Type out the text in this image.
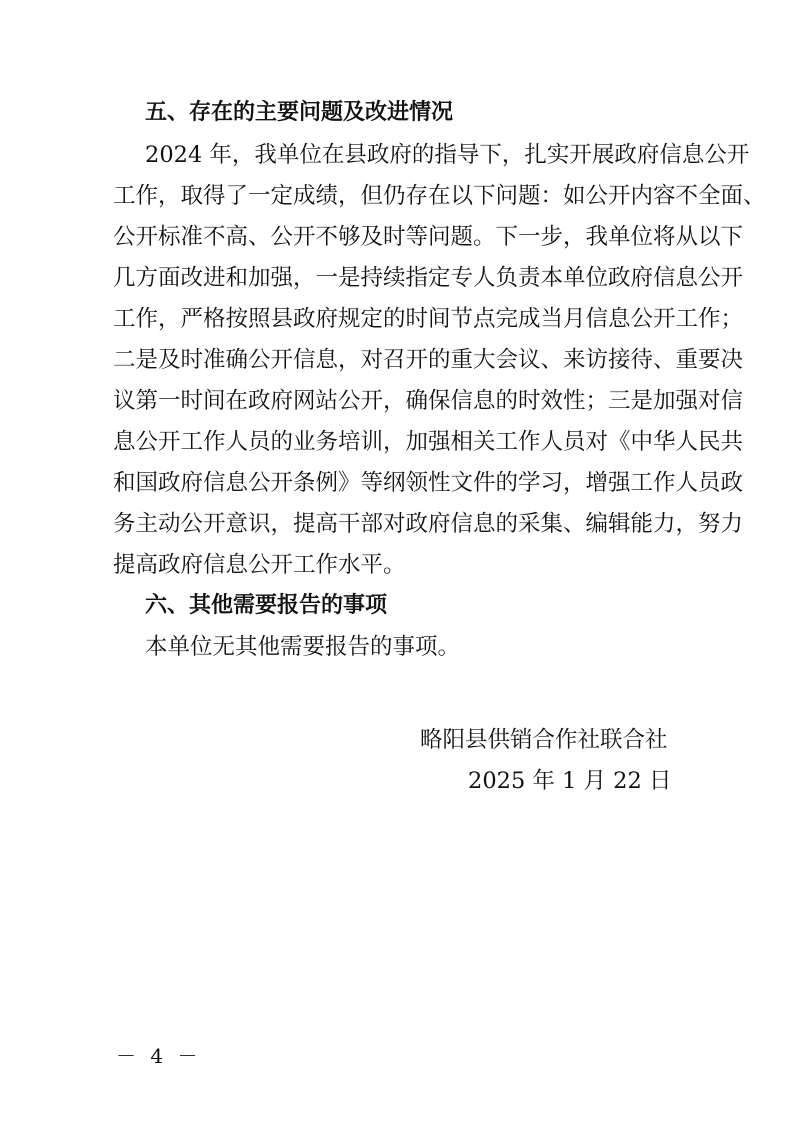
五、存在的主要问题及改进情况
2024 年，我单位在县政府的指导下，扎实开展政府信息公开
工作，取得了一定成绩，但仍存在以下问题：如公开内容不全面、
公开标准不高、公开不够及时等问题。下一步，我单位将从以下
几方面改进和加强，一是持续指定专人负责本单位政府信息公开
工作，严格按照县政府规定的时间节点完成当月信息公开工作；
二是及时准确公开信息，对召开的重大会议、来访接待、重要决
议第一时间在政府网站公开，确保信息的时效性；三是加强对信
息公开工作人员的业务培训，加强相关工作人员对《中华人民共
和国政府信息公开条例》等纲领性文件的学习，增强工作人员政
务主动公开意识，提高干部对政府信息的采集、编辑能力，努力
提高政府信息公开工作水平。
六、其他需要报告的事项
本单位无其他需要报告的事项。
略阳县供销合作社联合社
2025 年 1 月 22 日
－ 4 －
